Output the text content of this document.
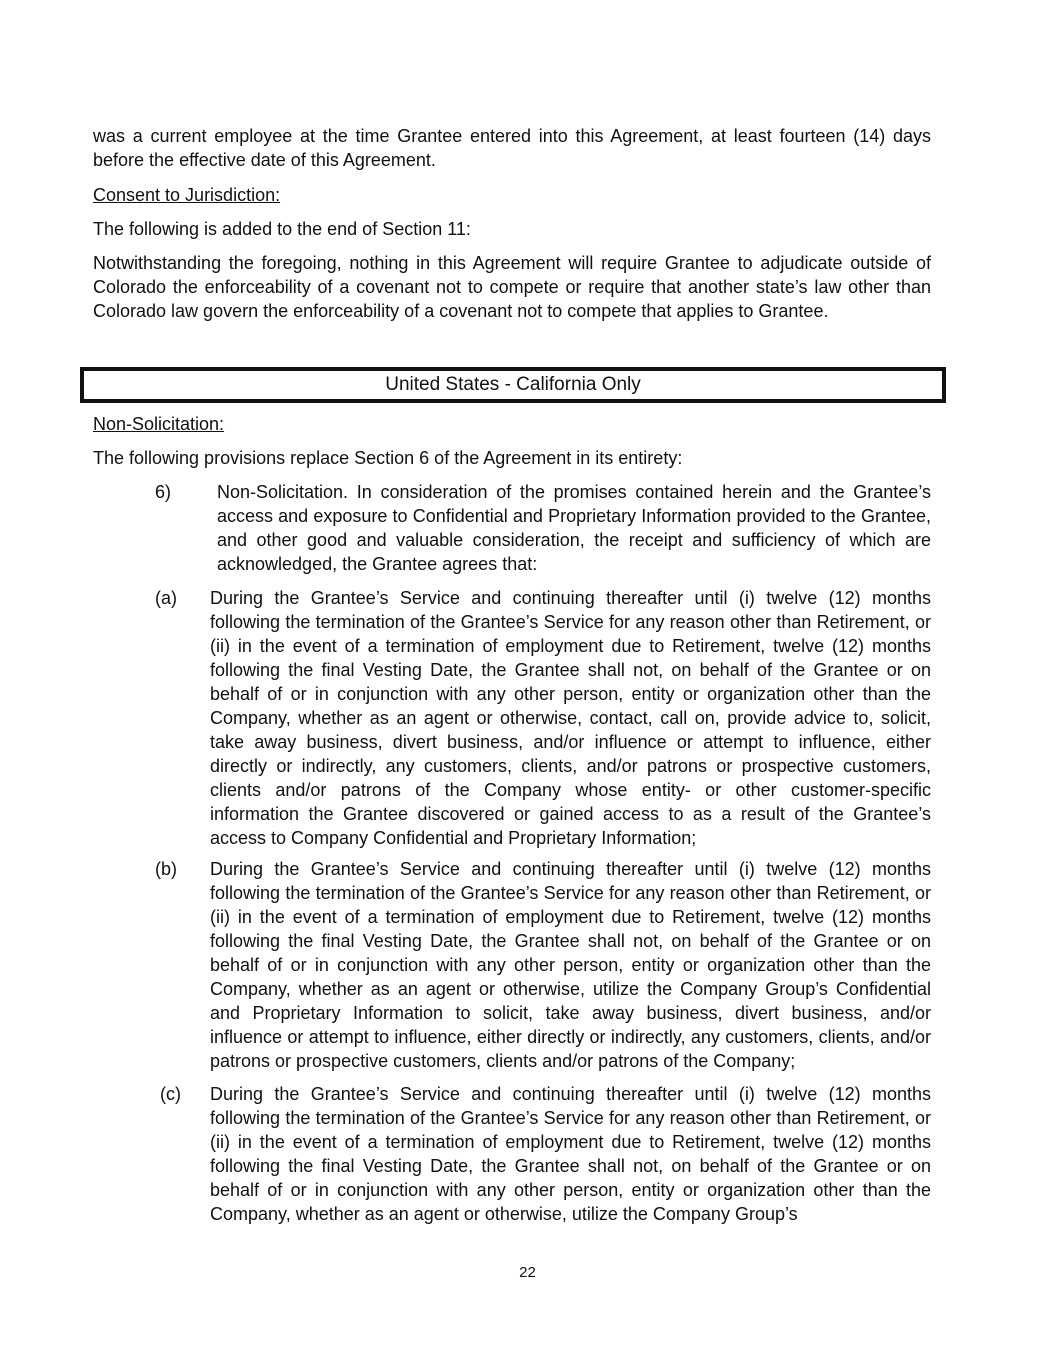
was a current employee at the time Grantee entered into this Agreement, at least fourteen (14) days before the effective date of this Agreement.

Consent to Jurisdiction:

The following is added to the end of Section 11:

Notwithstanding the foregoing, nothing in this Agreement will require Grantee to adjudicate outside of Colorado the enforceability of a covenant not to compete or require that another state’s law other than Colorado law govern the enforceability of a covenant not to compete that applies to Grantee.

United States - California Only

Non-Solicitation:

The following provisions replace Section 6 of the Agreement in its entirety:

6)	Non-Solicitation. In consideration of the promises contained herein and the Grantee’s access and exposure to Confidential and Proprietary Information provided to the Grantee, and other good and valuable consideration, the receipt and sufficiency of which are acknowledged, the Grantee agrees that:

(a) During the Grantee’s Service and continuing thereafter until (i) twelve (12) months following the termination of the Grantee’s Service for any reason other than Retirement, or (ii) in the event of a termination of employment due to Retirement, twelve (12) months following the final Vesting Date, the Grantee shall not, on behalf of the Grantee or on behalf of or in conjunction with any other person, entity or organization other than the Company, whether as an agent or otherwise, contact, call on, provide advice to, solicit, take away business, divert business, and/or influence or attempt to influence, either directly or indirectly, any customers, clients, and/or patrons or prospective customers, clients and/or patrons of the Company whose entity- or other customer-specific information the Grantee discovered or gained access to as a result of the Grantee’s access to Company Confidential and Proprietary Information;

(b) During the Grantee’s Service and continuing thereafter until (i) twelve (12) months following the termination of the Grantee’s Service for any reason other than Retirement, or (ii) in the event of a termination of employment due to Retirement, twelve (12) months following the final Vesting Date, the Grantee shall not, on behalf of the Grantee or on behalf of or in conjunction with any other person, entity or organization other than the Company, whether as an agent or otherwise, utilize the Company Group’s Confidential and Proprietary Information to solicit, take away business, divert business, and/or influence or attempt to influence, either directly or indirectly, any customers, clients, and/or patrons or prospective customers, clients and/or patrons of the Company;

(c) During the Grantee’s Service and continuing thereafter until (i) twelve (12) months following the termination of the Grantee’s Service for any reason other than Retirement, or (ii) in the event of a termination of employment due to Retirement, twelve (12) months following the final Vesting Date, the Grantee shall not, on behalf of the Grantee or on behalf of or in conjunction with any other person, entity or organization other than the Company, whether as an agent or otherwise, utilize the Company Group’s

22
